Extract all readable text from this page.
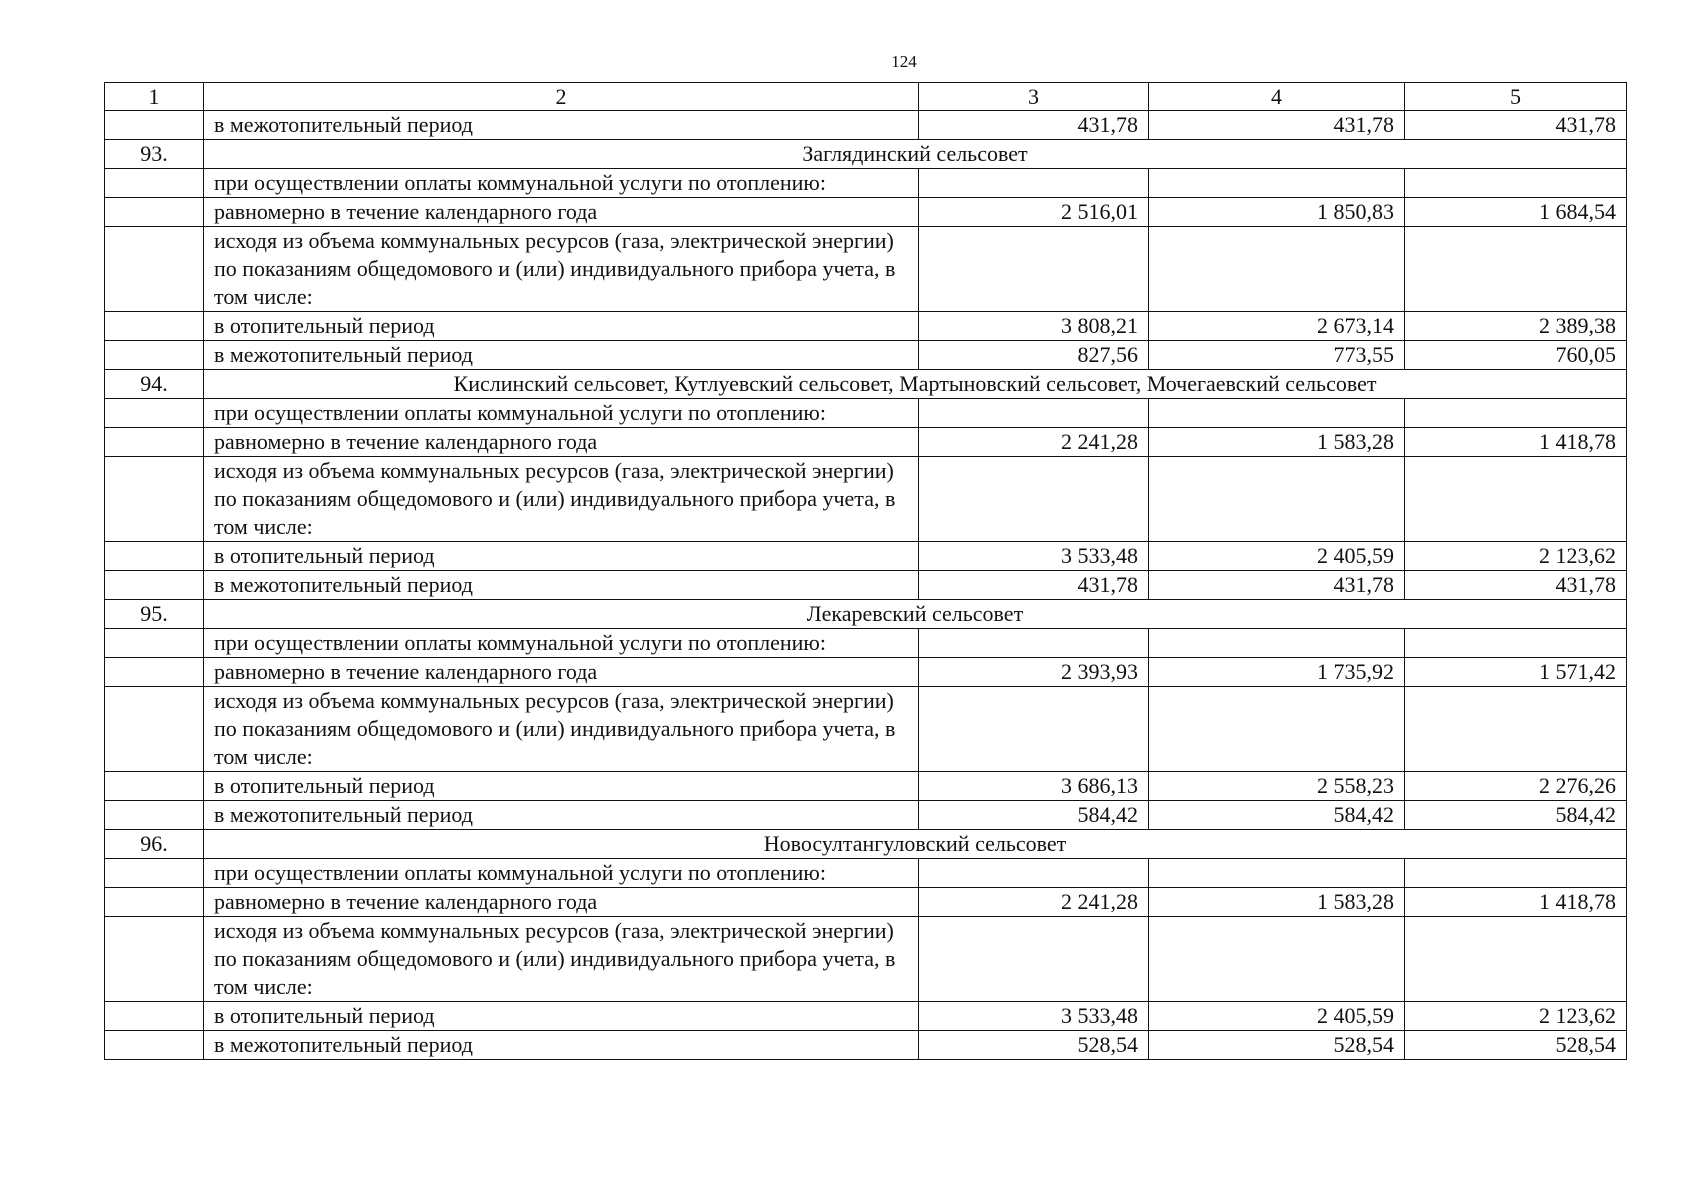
124
1	2	3	4	5
	в межотопительный период	431,78	431,78	431,78
93.	Заглядинский сельсовет			
	при осуществлении оплаты коммунальной услуги по отоплению:			
	равномерно в течение календарного года	2 516,01	1 850,83	1 684,54
	исходя из объема коммунальных ресурсов (газа, электрической энергии) по показаниям общедомового и (или) индивидуального прибора учета, в том числе:			
	в отопительный период	3 808,21	2 673,14	2 389,38
	в межотопительный период	827,56	773,55	760,05
94.	Кислинский сельсовет, Кутлуевский сельсовет, Мартыновский сельсовет, Мочегаевский сельсовет			
	при осуществлении оплаты коммунальной услуги по отоплению:			
	равномерно в течение календарного года	2 241,28	1 583,28	1 418,78
	исходя из объема коммунальных ресурсов (газа, электрической энергии) по показаниям общедомового и (или) индивидуального прибора учета, в том числе:			
	в отопительный период	3 533,48	2 405,59	2 123,62
	в межотопительный период	431,78	431,78	431,78
95.	Лекаревский сельсовет			
	при осуществлении оплаты коммунальной услуги по отоплению:			
	равномерно в течение календарного года	2 393,93	1 735,92	1 571,42
	исходя из объема коммунальных ресурсов (газа, электрической энергии) по показаниям общедомового и (или) индивидуального прибора учета, в том числе:			
	в отопительный период	3 686,13	2 558,23	2 276,26
	в межотопительный период	584,42	584,42	584,42
96.	Новосултангуловский сельсовет			
	при осуществлении оплаты коммунальной услуги по отоплению:			
	равномерно в течение календарного года	2 241,28	1 583,28	1 418,78
	исходя из объема коммунальных ресурсов (газа, электрической энергии) по показаниям общедомового и (или) индивидуального прибора учета, в том числе:			
	в отопительный период	3 533,48	2 405,59	2 123,62
	в межотопительный период	528,54	528,54	528,54
